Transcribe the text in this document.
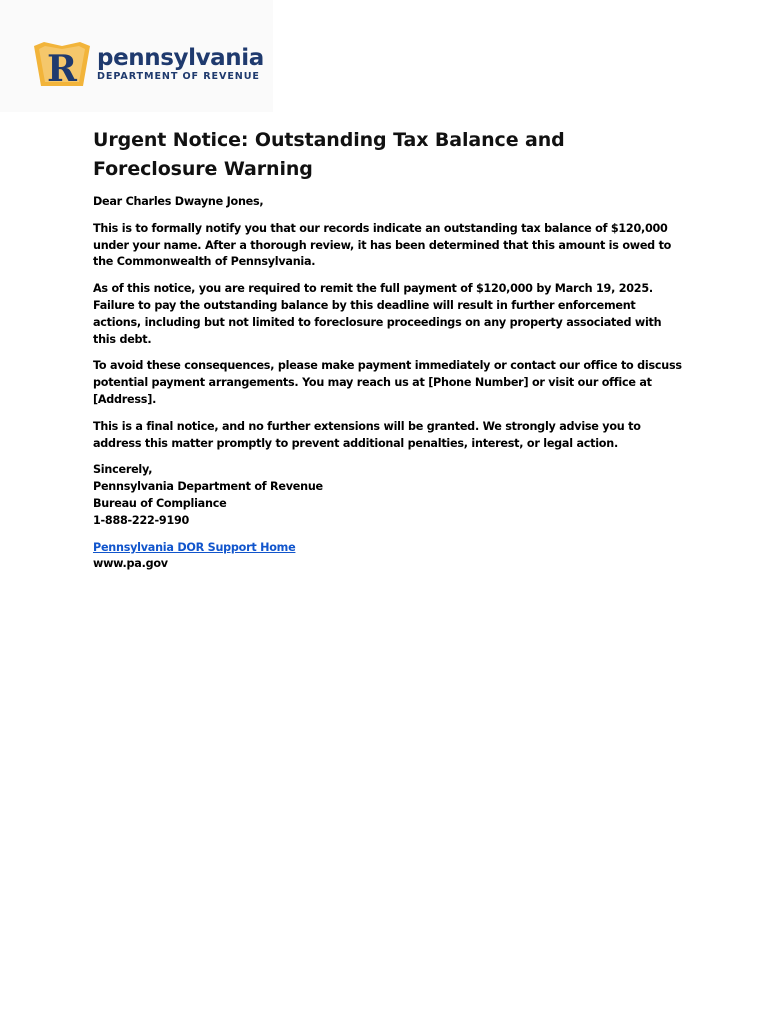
R pennsylvania
DEPARTMENT OF REVENUE
Urgent Notice: Outstanding Tax Balance and Foreclosure Warning

Dear Charles Dwayne Jones,

This is to formally notify you that our records indicate an outstanding tax balance of $120,000 under your name. After a thorough review, it has been determined that this amount is owed to the Commonwealth of Pennsylvania.

As of this notice, you are required to remit the full payment of $120,000 by March 19, 2025. Failure to pay the outstanding balance by this deadline will result in further enforcement actions, including but not limited to foreclosure proceedings on any property associated with this debt.

To avoid these consequences, please make payment immediately or contact our office to discuss potential payment arrangements. You may reach us at [Phone Number] or visit our office at [Address].

This is a final notice, and no further extensions will be granted. We strongly advise you to address this matter promptly to prevent additional penalties, interest, or legal action.

Sincerely,
Pennsylvania Department of Revenue
Bureau of Compliance
1-888-222-9190
Pennsylvania DOR Support Home
www.pa.gov
